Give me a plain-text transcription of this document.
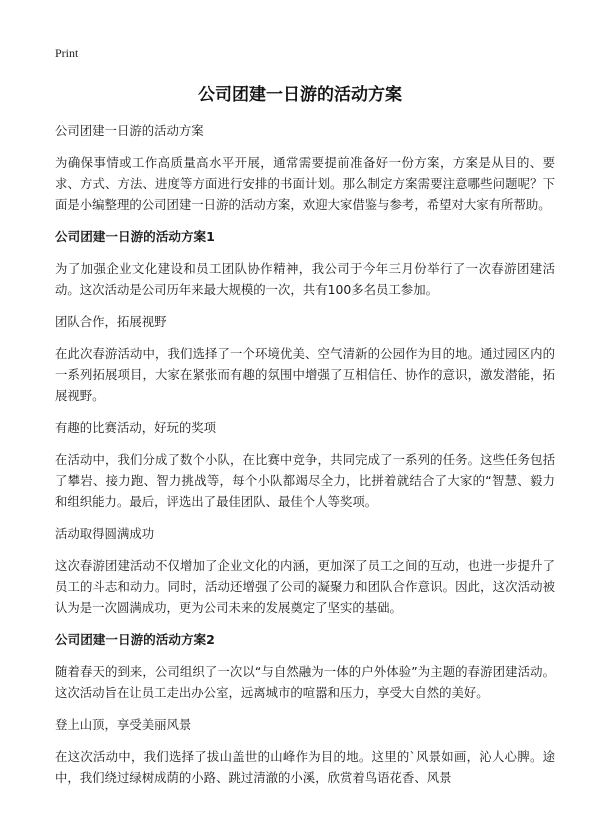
Print
公司团建一日游的活动方案
公司团建一日游的活动方案
为确保事情或工作高质量高水平开展，通常需要提前准备好一份方案，方案是从目的、要求、方式、方法、进度等方面进行安排的书面计划。那么制定方案需要注意哪些问题呢？下面是小编整理的公司团建一日游的活动方案，欢迎大家借鉴与参考，希望对大家有所帮助。
公司团建一日游的活动方案1
为了加强企业文化建设和员工团队协作精神，我公司于今年三月份举行了一次春游团建活动。这次活动是公司历年来最大规模的一次，共有100多名员工参加。
团队合作，拓展视野
在此次春游活动中，我们选择了一个环境优美、空气清新的公园作为目的地。通过园区内的一系列拓展项目，大家在紧张而有趣的氛围中增强了互相信任、协作的意识，激发潜能，拓展视野。
有趣的比赛活动，好玩的奖项
在活动中，我们分成了数个小队，在比赛中竞争，共同完成了一系列的任务。这些任务包括了攀岩、接力跑、智力挑战等，每个小队都竭尽全力，比拼着就结合了大家的“智慧、毅力和组织能力。最后，评选出了最佳团队、最佳个人等奖项。
活动取得圆满成功
这次春游团建活动不仅增加了企业文化的内涵，更加深了员工之间的互动，也进一步提升了员工的斗志和动力。同时，活动还增强了公司的凝聚力和团队合作意识。因此，这次活动被认为是一次圆满成功，更为公司未来的发展奠定了坚实的基础。
公司团建一日游的活动方案2
随着春天的到来，公司组织了一次以“与自然融为一体的户外体验”为主题的春游团建活动。这次活动旨在让员工走出办公室，远离城市的喧嚣和压力，享受大自然的美好。
登上山顶，享受美丽风景
在这次活动中，我们选择了拔山盖世的山峰作为目的地。这里的`风景如画，沁人心脾。途中，我们绕过绿树成荫的小路、跳过清澈的小溪，欣赏着鸟语花香、风景
